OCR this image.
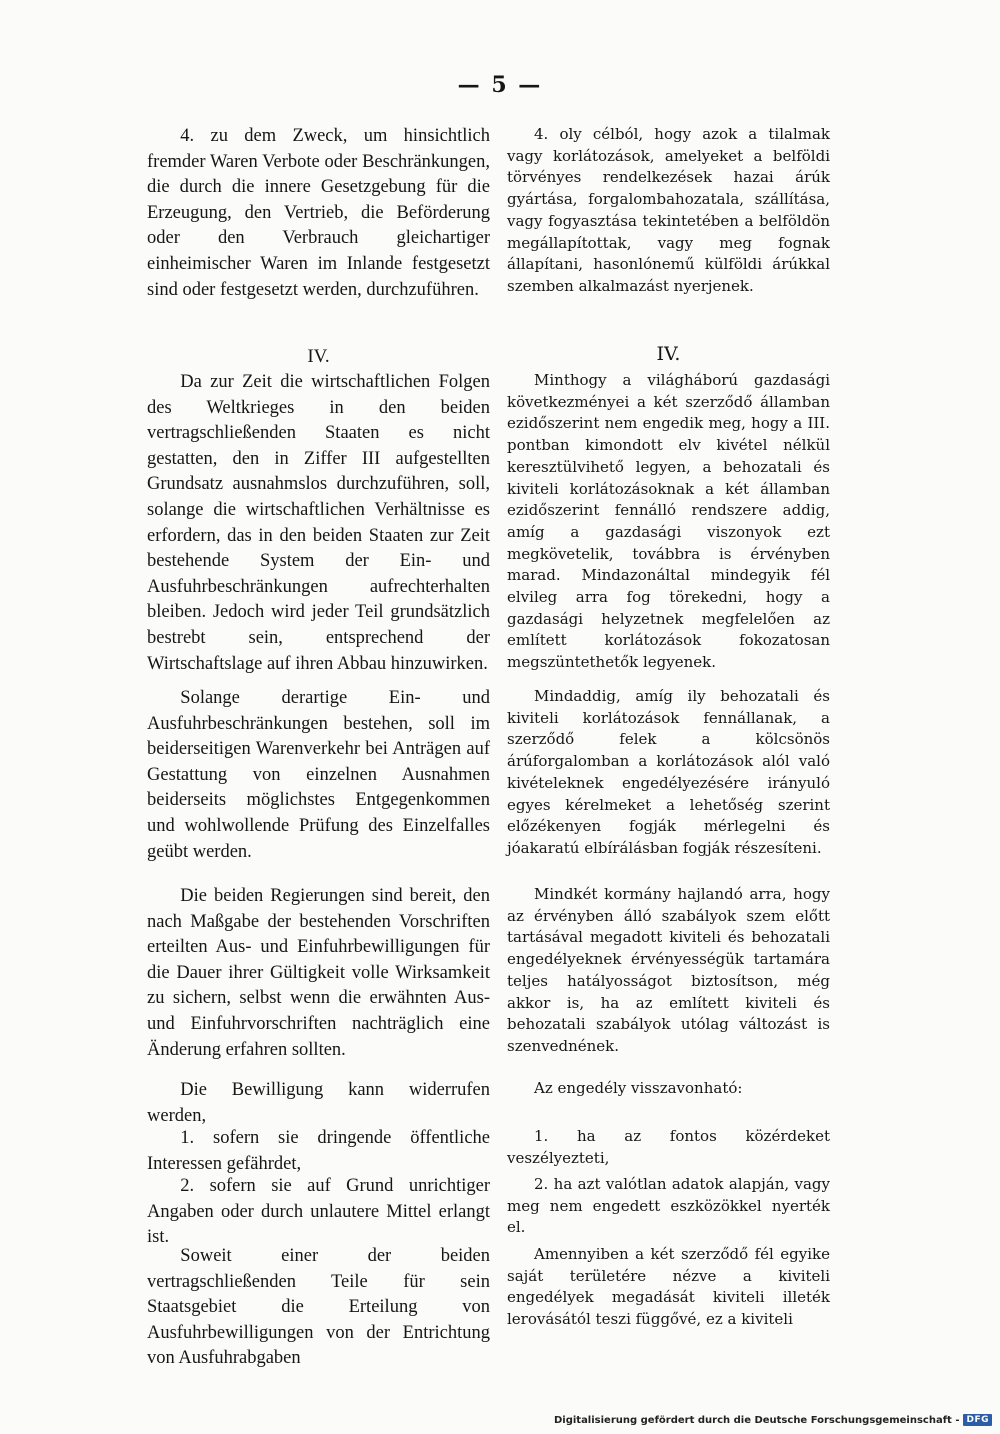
— 5 —

4. zu dem Zweck, um hinsichtlich fremder Waren Verbote oder Beschränkungen, die durch die innere Gesetzgebung für die Erzeugung, den Vertrieb, die Beförderung oder den Verbrauch gleichartiger einheimischer Waren im Inlande festgesetzt sind oder festgesetzt werden, durchzuführen.

IV.

Da zur Zeit die wirtschaftlichen Folgen des Weltkrieges in den beiden vertragschließenden Staaten es nicht gestatten, den in Ziffer III aufgestellten Grundsatz ausnahmslos durchzuführen, soll, solange die wirtschaftlichen Verhältnisse es erfordern, das in den beiden Staaten zur Zeit bestehende System der Ein- und Ausfuhrbeschränkungen aufrechterhalten bleiben. Jedoch wird jeder Teil grundsätzlich bestrebt sein, entsprechend der Wirtschaftslage auf ihren Abbau hinzuwirken.

Solange derartige Ein- und Ausfuhrbeschränkungen bestehen, soll im beiderseitigen Warenverkehr bei Anträgen auf Gestattung von einzelnen Ausnahmen beiderseits möglichstes Entgegenkommen und wohlwollende Prüfung des Einzelfalles geübt werden.

Die beiden Regierungen sind bereit, den nach Maßgabe der bestehenden Vorschriften erteilten Aus- und Einfuhrbewilligungen für die Dauer ihrer Gültigkeit volle Wirksamkeit zu sichern, selbst wenn die erwähnten Aus- und Einfuhrvorschriften nachträglich eine Änderung erfahren sollten.

Die Bewilligung kann widerrufen werden,

1. sofern sie dringende öffentliche Interessen gefährdet,

2. sofern sie auf Grund unrichtiger Angaben oder durch unlautere Mittel erlangt ist.

Soweit einer der beiden vertragschließenden Teile für sein Staatsgebiet die Erteilung von Ausfuhrbewilligungen von der Entrichtung von Ausfuhrabgaben

4. oly célból, hogy azok a tilalmak vagy korlátozások, amelyeket a belföldi törvényes rendelkezések hazai árúk gyártása, forgalombahozatala, szállítása, vagy fogyasztása tekintetében a belföldön megállapítottak, vagy meg fognak állapítani, hasonlónemű külföldi árúkkal szemben alkalmazást nyerjenek.

IV.

Minthogy a világháború gazdasági következményei a két szerződő államban ezidőszerint nem engedik meg, hogy a III. pontban kimondott elv kivétel nélkül keresztülvihető legyen, a behozatali és kiviteli korlátozásoknak a két államban ezidőszerint fennálló rendszere addig, amíg a gazdasági viszonyok ezt megkövetelik, továbbra is érvényben marad. Mindazonáltal mindegyik fél elvileg arra fog törekedni, hogy a gazdasági helyzetnek megfelelően az említett korlátozások fokozatosan megszüntethetők legyenek.

Mindaddig, amíg ily behozatali és kiviteli korlátozások fennállanak, a szerződő felek a kölcsönös árúforgalomban a korlátozások alól való kivételeknek engedélyezésére irányuló egyes kérelmeket a lehetőség szerint előzékenyen fogják mérlegelni és jóakaratú elbírálásban fogják részesíteni.

Mindkét kormány hajlandó arra, hogy az érvényben álló szabályok szem előtt tartásával megadott kiviteli és behozatali engedélyeknek érvényességük tartamára teljes hatályosságot biztosítson, még akkor is, ha az említett kiviteli és behozatali szabályok utólag változást is szenvednének.

Az engedély visszavonható:

1. ha az fontos közérdeket veszélyezteti,

2. ha azt valótlan adatok alapján, vagy meg nem engedett eszközökkel nyerték el.

Amennyiben a két szerződő fél egyike saját területére nézve a kiviteli engedélyek megadását kiviteli illeték lerovásától teszi függővé, ez a kiviteli

Digitalisierung gefördert durch die Deutsche Forschungsgemeinschaft - DFG
